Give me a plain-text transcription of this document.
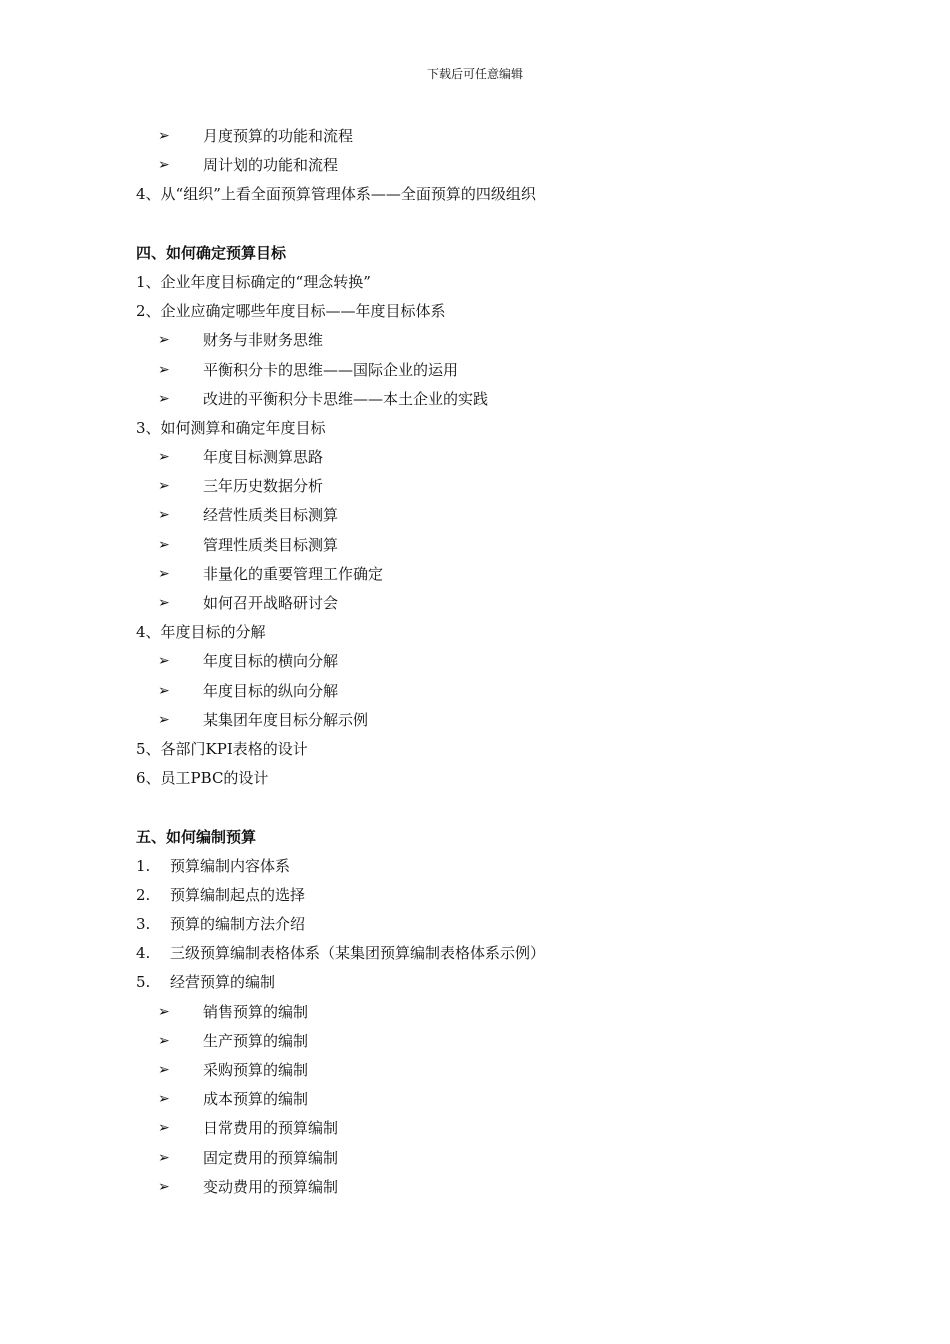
下载后可任意编辑
➢ 月度预算的功能和流程
➢ 周计划的功能和流程
4、从“组织”上看全面预算管理体系——全面预算的四级组织
四、如何确定预算目标
1、企业年度目标确定的“理念转换”
2、企业应确定哪些年度目标——年度目标体系
➢ 财务与非财务思维
➢ 平衡积分卡的思维——国际企业的运用
➢ 改进的平衡积分卡思维——本土企业的实践
3、如何测算和确定年度目标
➢ 年度目标测算思路
➢ 三年历史数据分析
➢ 经营性质类目标测算
➢ 管理性质类目标测算
➢ 非量化的重要管理工作确定
➢ 如何召开战略研讨会
4、年度目标的分解
➢ 年度目标的横向分解
➢ 年度目标的纵向分解
➢ 某集团年度目标分解示例
5、各部门KPI表格的设计
6、员工PBC的设计
五、如何编制预算
1. 预算编制内容体系
2. 预算编制起点的选择
3. 预算的编制方法介绍
4. 三级预算编制表格体系（某集团预算编制表格体系示例）
5. 经营预算的编制
➢ 销售预算的编制
➢ 生产预算的编制
➢ 采购预算的编制
➢ 成本预算的编制
➢ 日常费用的预算编制
➢ 固定费用的预算编制
➢ 变动费用的预算编制
